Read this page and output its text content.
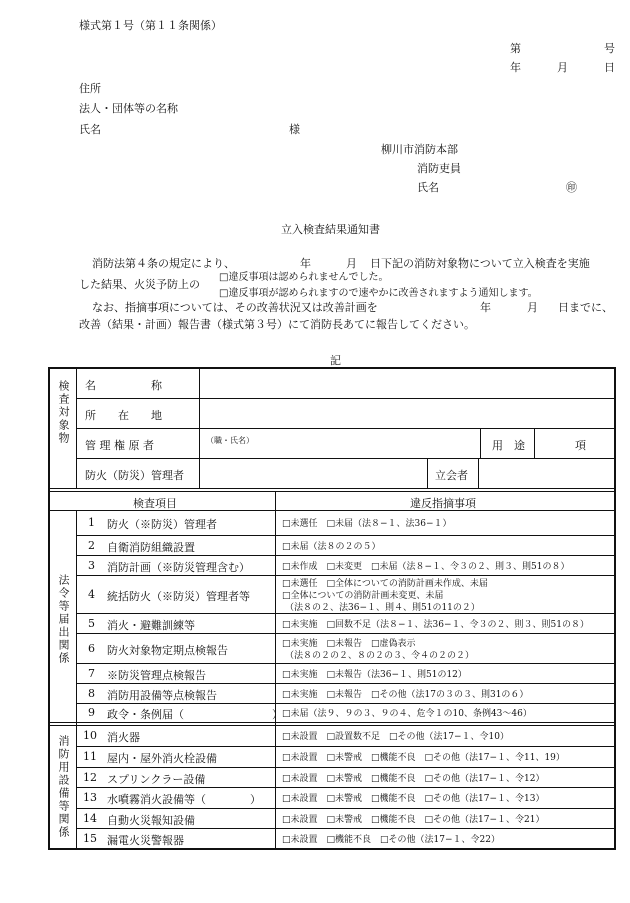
様式第１号（第１１条関係）
第	号
年	月	日
住所
法人・団体等の名称
氏名	様
柳川市消防本部
消防吏員
氏名	㊞
立入検査結果通知書
消防法第４条の規定により、	年	月 日下記の消防対象物について立入検査を実施
した結果、火災予防上の
□違反事項は認められませんでした。
□違反事項が認められますので速やかに改善されますよう通知します。
なお、指摘事項については、その改善状況又は改善計画を	年	月 日までに、
改善（結果・計画）報告書（様式第３号）にて消防長あてに報告してください。
記
検査対象物 名　　　　　称
所　　在　　地
管 理 権 原 者	（職・氏名）	用　途	項
防火（防災）管理者	立会者
検査項目	違反指摘事項
法令等届出関係
消防用設備等関係
1 防火（※防災）管理者	□未選任　□未届（法８−１、法36−１）
2 自衛消防組織設置	□未届（法８の２の５）
3 消防計画（※防災管理含む）	□未作成　□未変更　□未届（法８−１、令３の２、則３、則51の８）
4 統括防火（※防災）管理者等
□未選任　□全体についての消防計画未作成、未届
□全体についての消防計画未変更、未届
（法８の２、法36−１、則４、則51の11の２）
5 消火・避難訓練等	□未実施　□回数不足（法８−１、法36−１、令３の２、則３、則51の８）
6 防火対象物定期点検報告	□未実施　□未報告　□虚偽表示
（法８の２の２、８の２の３、令４の２の２）
7 ※防災管理点検報告	□未実施　□未報告（法36−１、則51の12）
8 消防用設備等点検報告	□未実施　□未報告　□その他（法17の３の３、則31の６）
9 政令・条例届（　　　　　　　　） □未届（法９、９の３、９の４、危令１の10、条例43〜46）
10 消火器	□未設置　□設置数不足　□その他（法17−１、令10）
11 屋内・屋外消火栓設備	□未設置　□未警戒　□機能不良　□その他（法17−１、令11、19）
12 スプリンクラー設備	□未設置　□未警戒　□機能不良　□その他（法17−１、令12）
13 水噴霧消火設備等（　　　　） □未設置　□未警戒　□機能不良　□その他（法17−１、令13）
14 自動火災報知設備	□未設置　□未警戒　□機能不良　□その他（法17−１、令21）
15 漏電火災警報器	□未設置　□機能不良　□その他（法17−１、令22）
